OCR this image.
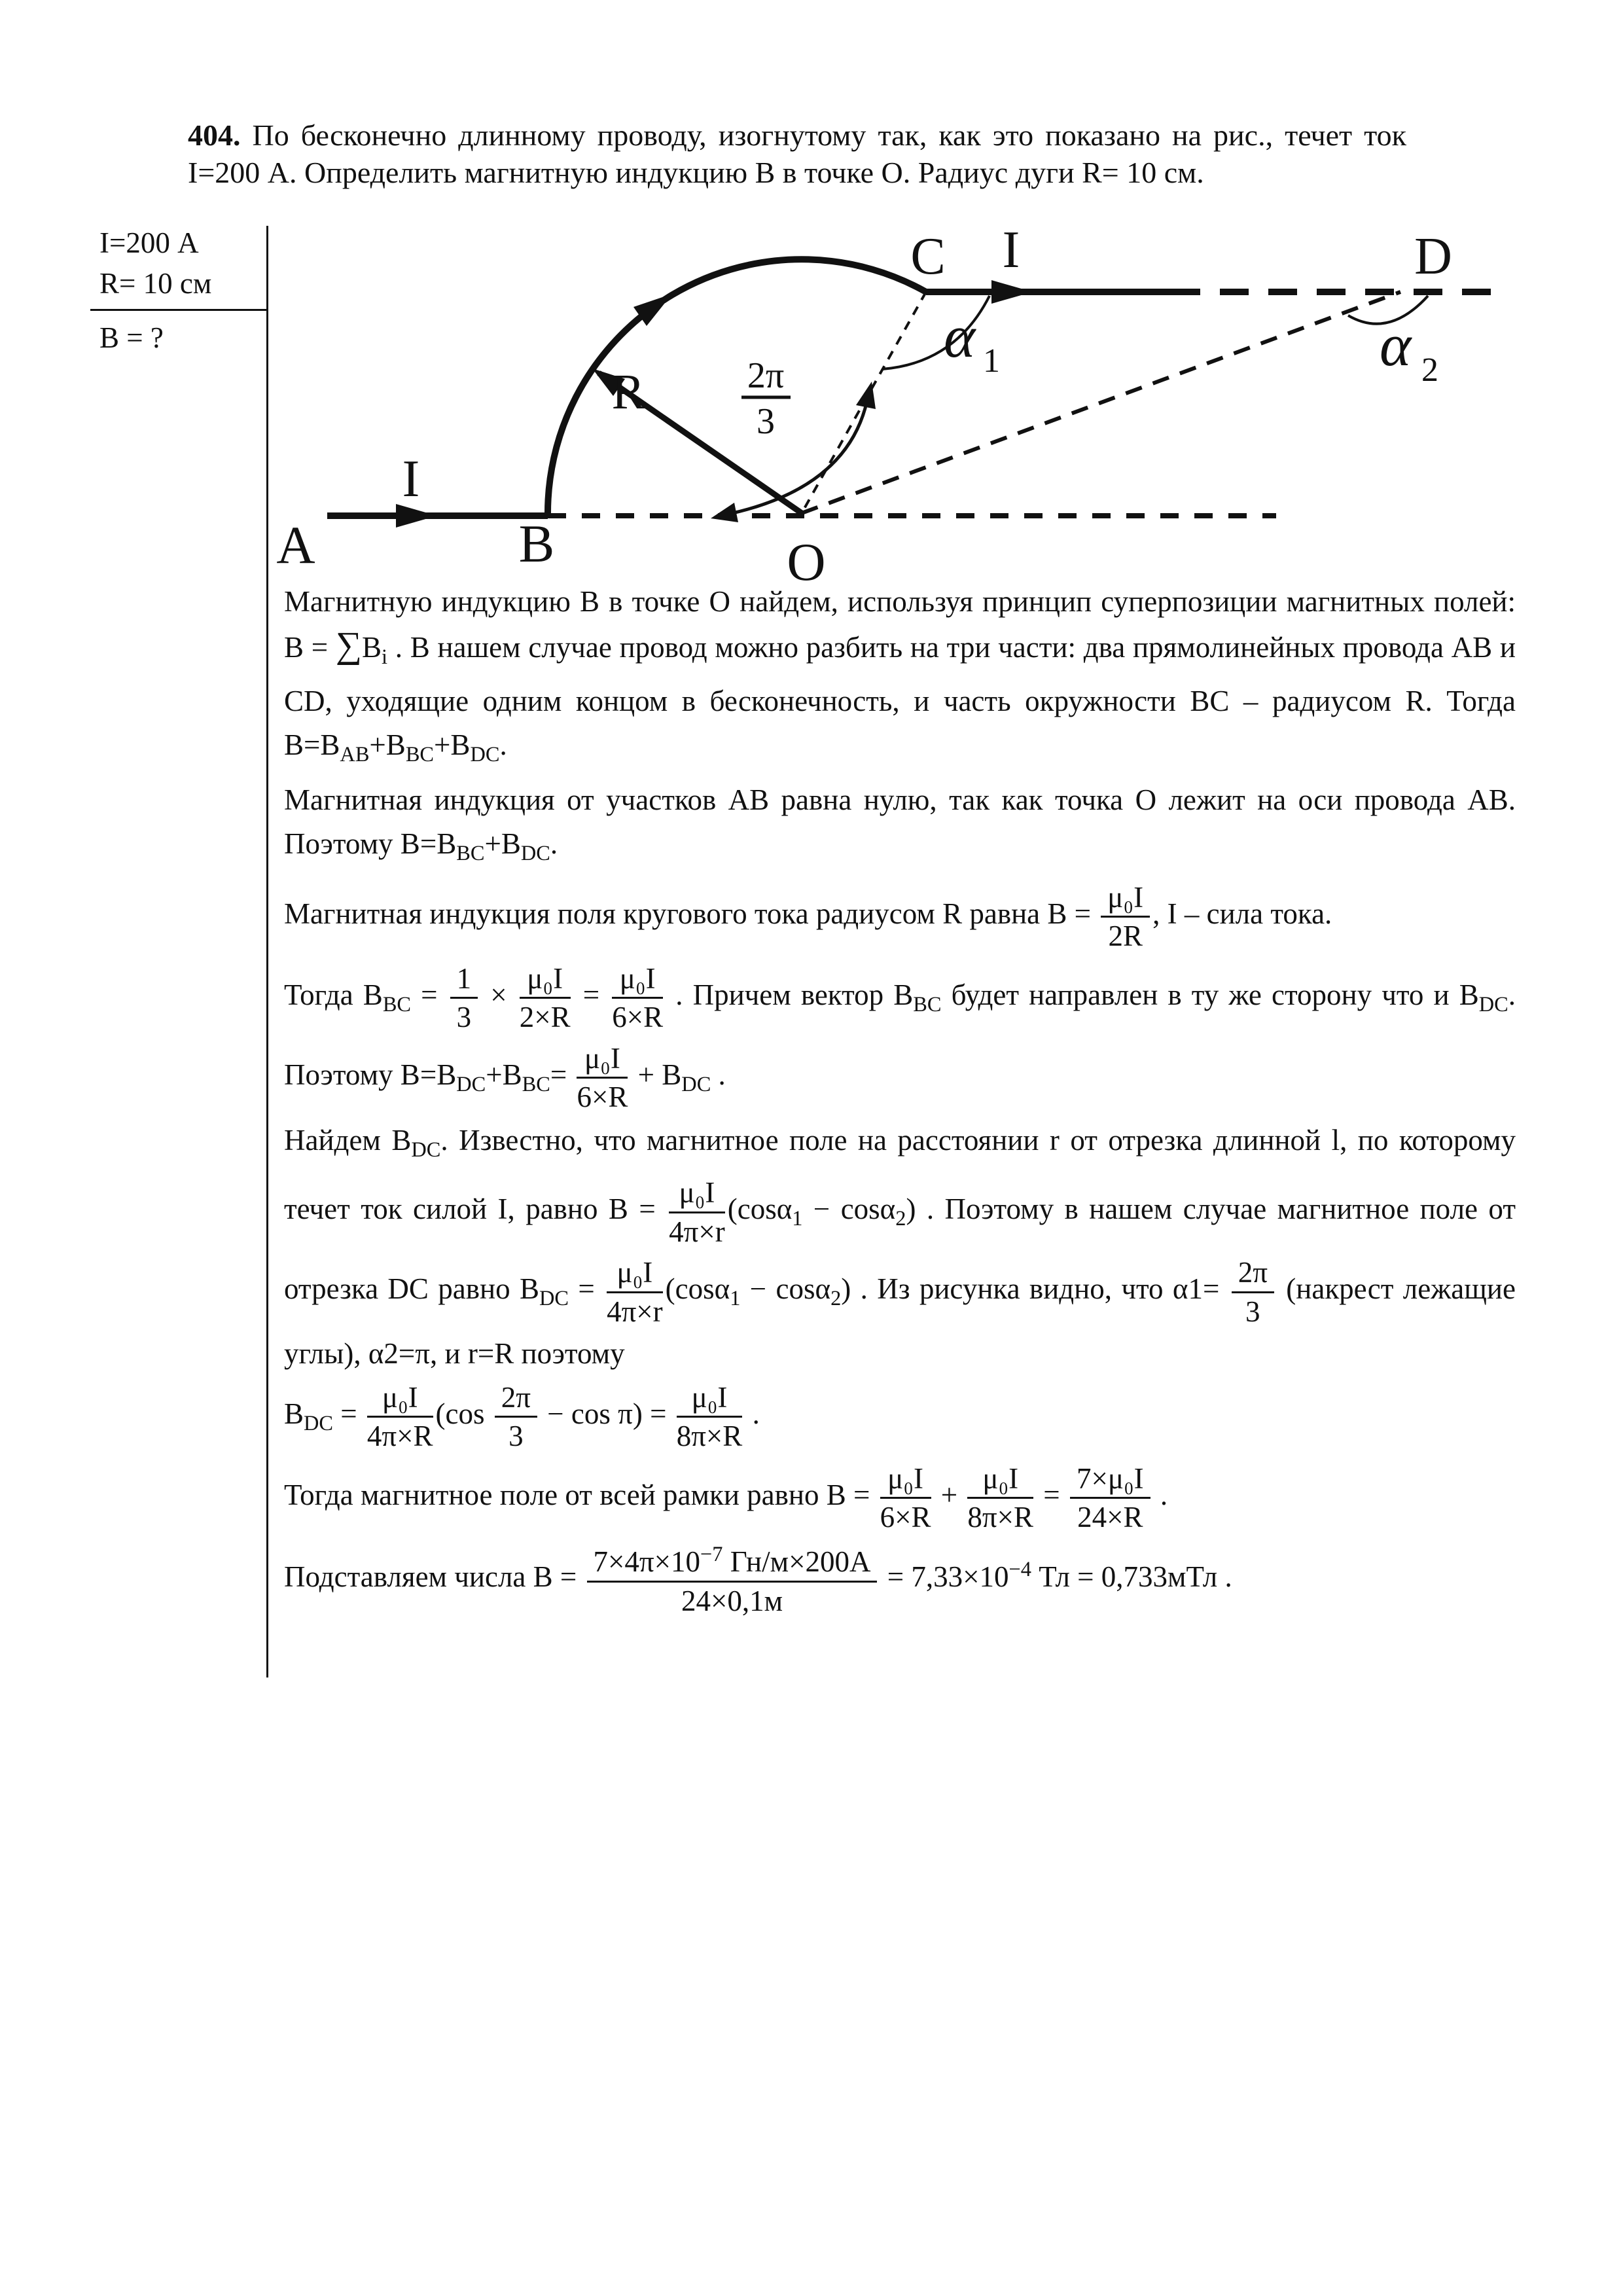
404. По бесконечно длинному проводу, изогнутому так, как это показано на рис., течет ток I=200 А. Определить магнитную индукцию В в точке О. Радиус дуги R= 10 см.

I=200 А
R= 10 см
В = ?
A	B	O
C	D
I
I
R
α 1	α 2
2π
3

Магнитную индукцию В в точке О найдем, используя принцип суперпозиции магнитных полей: $B = \sum B_i$ . В нашем случае провод можно разбить на три части: два прямолинейных провода АВ и CD, уходящие одним концом в бесконечность, и часть окружности ВС – радиусом R. Тогда $В=В_{AB}+В_{BC}+В_{DC}$.

Магнитная индукция от участков АВ равна нулю, так как точка О лежит на оси провода АВ. Поэтому $В=В_{BC}+В_{DC}$.

Магнитная индукция поля кругового тока радиусом R равна $B = \frac{\text{μ₀I}}{2R}$ , I – сила тока.

Тогда $B_{BC} = \frac{1}{3} \times \frac{\text{μ₀I}}{2\times R} = \frac{\text{μ₀I}}{6\times R}$ . Причем вектор $B_{BC}$ будет направлен в ту же сторону что и $B_{DC}$. Поэтому $B=B_{DC}+B_{BC}= \frac{\text{μ₀I}}{6\times R} + B_{DC}$ .

Найдем $B_{DC}$. Известно, что магнитное поле на расстоянии r от отрезка длинной l, по которому течет ток силой I, равно $B = \frac{\text{μ₀I}}{4\pi\times r} (\cos\alpha_1 - \cos\alpha_2)$ . Поэтому в нашем случае магнитное поле от отрезка DC равно $B_{DC} = \frac{\text{μ₀I}}{4\pi\times r} (\cos\alpha_1 - \cos\alpha_2)$ . Из рисунка видно, что $\alpha 1= \frac{2\pi}{3}$ (накрест лежащие углы), α2=π, и r=R поэтому

$B_{DC} = \frac{\text{μ₀I}}{4\pi\times R} (\cos \frac{2\pi}{3} - \cos \pi) = \frac{\text{μ₀I}}{8\pi\times R}$ .

Тогда магнитное поле от всей рамки равно $B = \frac{\text{μ₀I}}{6\times R} + \frac{\text{μ₀I}}{8\pi\times R} = \frac{\text{7×μ₀I}}{24\times R}$ .

Подставляем числа $B = \frac{7\times 4\pi\times 10^{-7} Гн/м\times 200А}{24\times 0,1м} = 7,33\times 10^{-4}$ Тл = 0,733мТл .
